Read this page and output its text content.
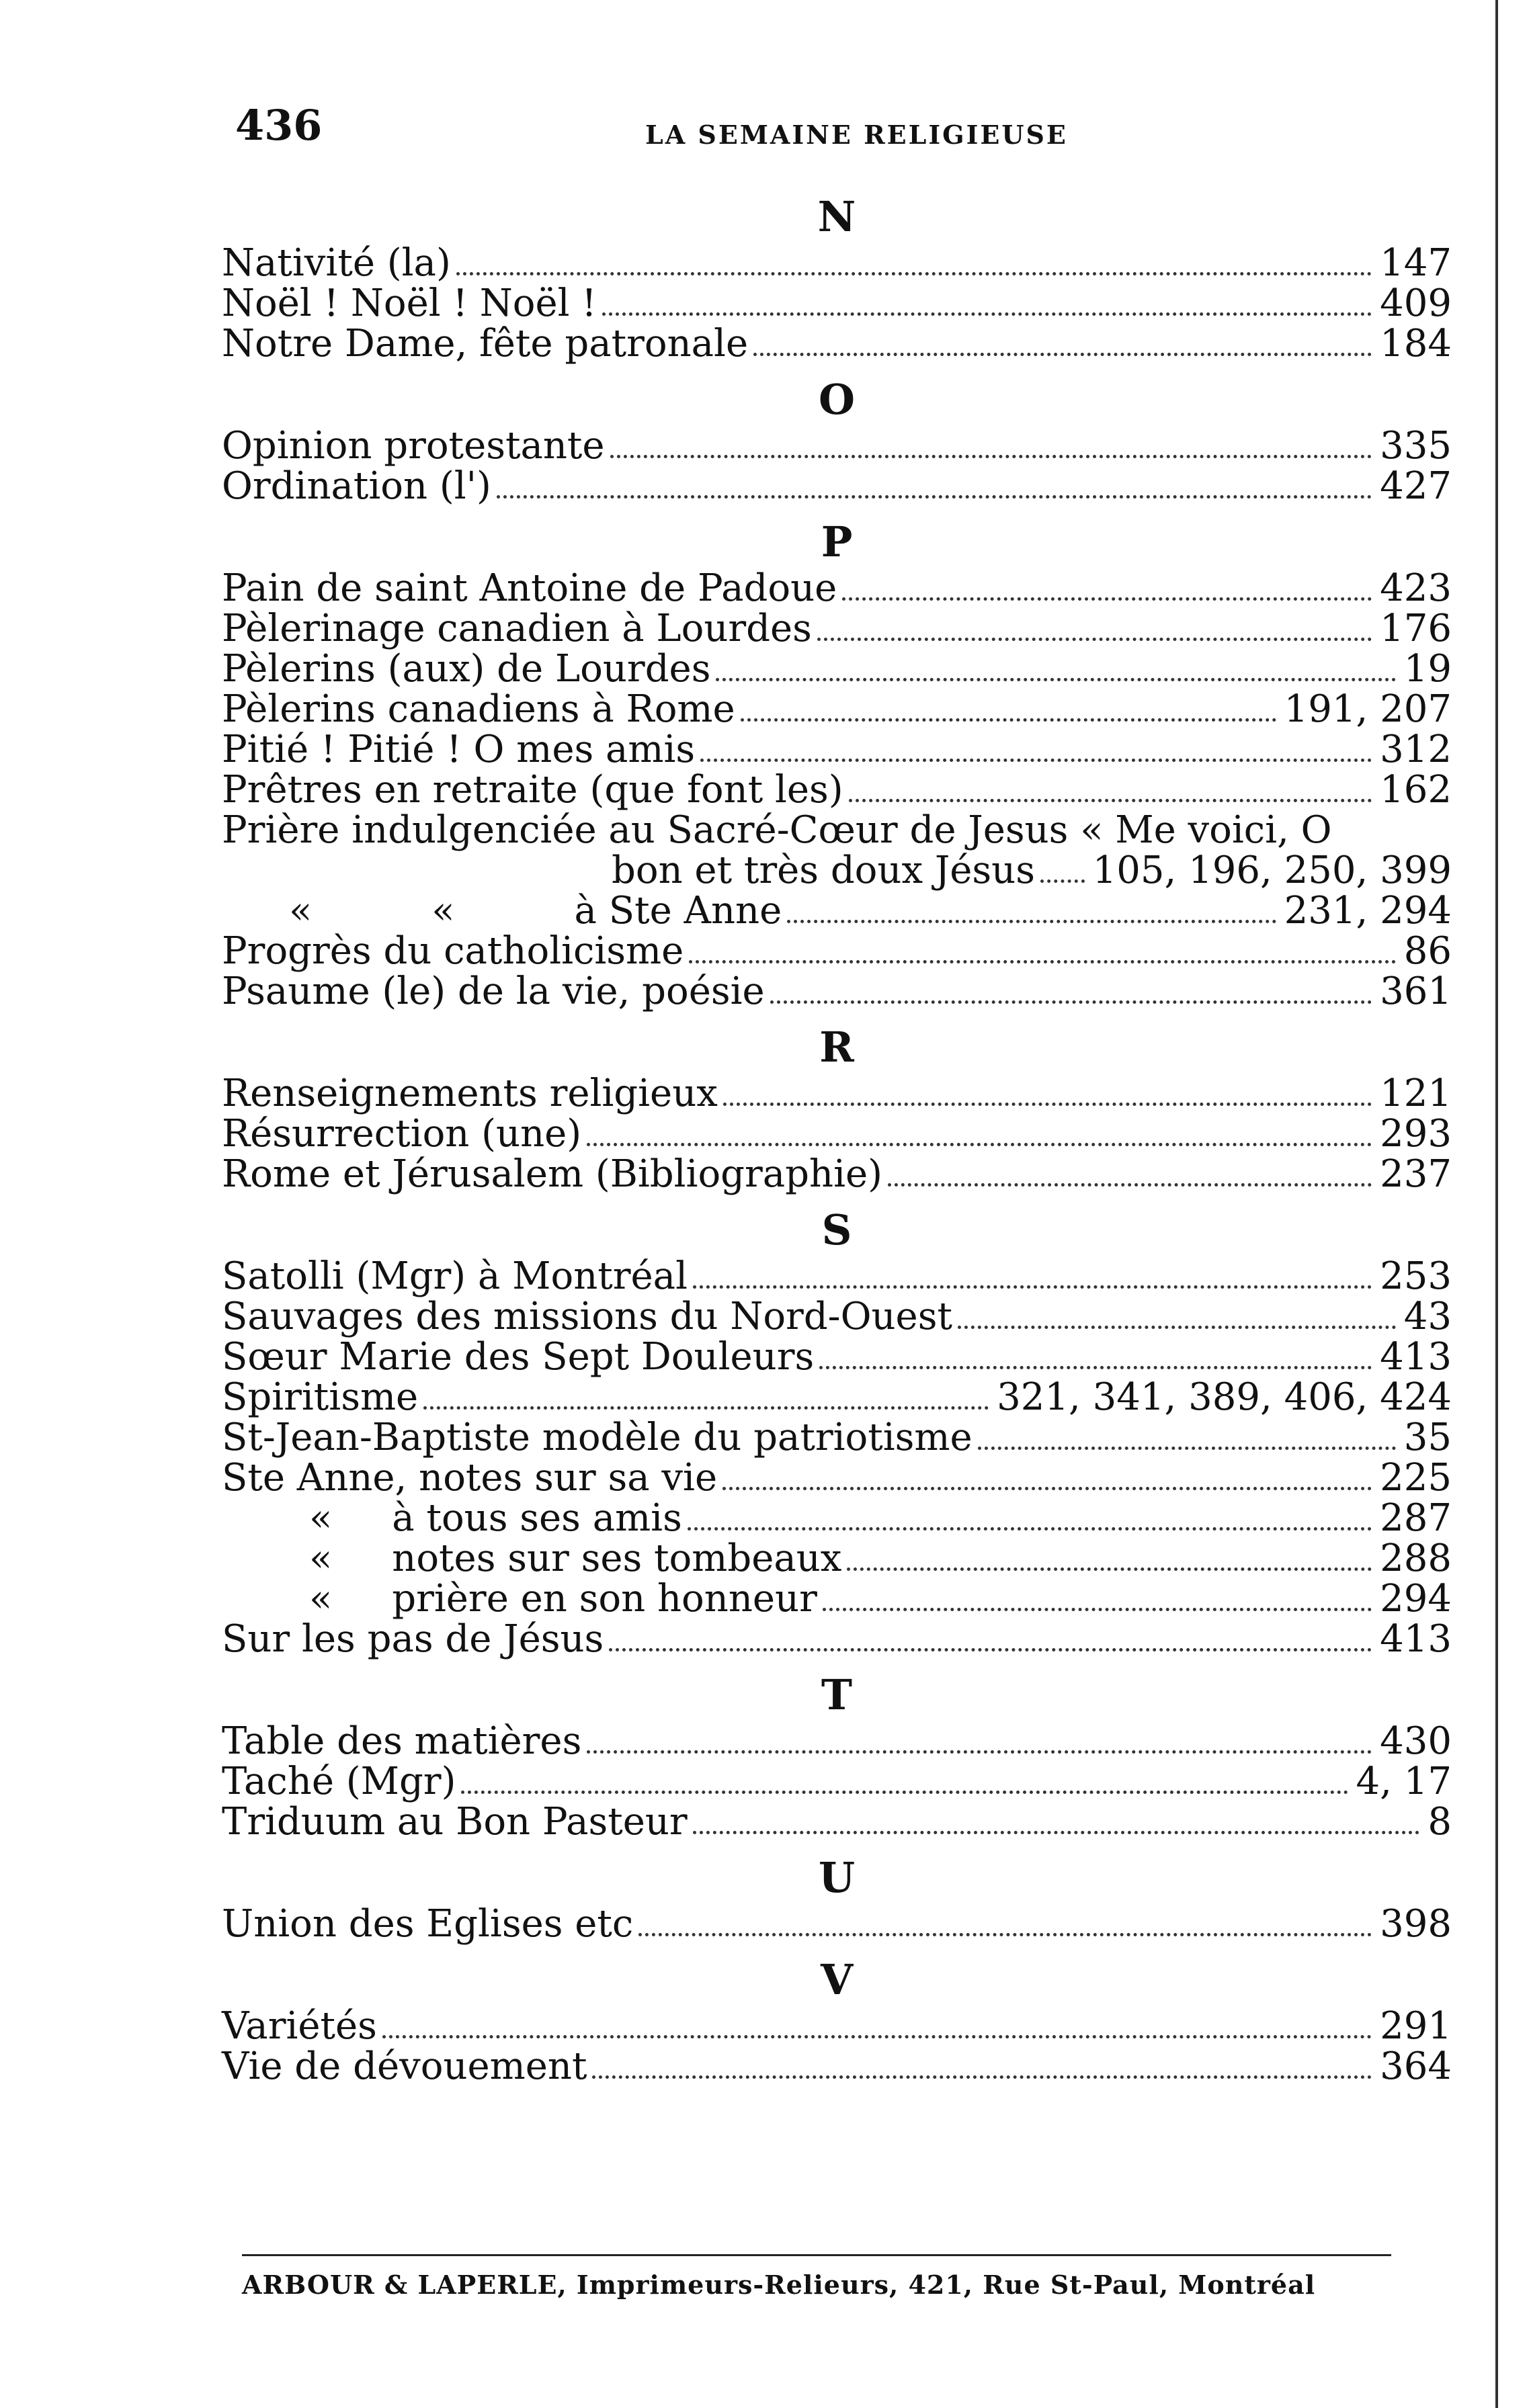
436	LA SEMAINE RELIGIEUSE
N
Nativité (la)	147
Noël ! Noël ! Noël !	409
Notre Dame, fête patronale	184
O
Opinion protestante	335
Ordination (l')	427
P
Pain de saint Antoine de Padoue	423
Pèlerinage canadien à Lourdes	176
Pèlerins (aux) de Lourdes	19
Pèlerins canadiens à Rome	191, 207
Pitié ! Pitié ! O mes amis	312
Prêtres en retraite (que font les)	162
Prière indulgenciée au Sacré-Cœur de Jesus « Me voici, O
bon et très doux Jésus 105, 196, 250, 399
«          «          à Ste Anne	231, 294
Progrès du catholicisme	86
Psaume (le) de la vie, poésie	361
R
Renseignements religieux	121
Résurrection (une)	293
Rome et Jérusalem (Bibliographie)	237
S
Satolli (Mgr) à Montréal	253
Sauvages des missions du Nord-Ouest	43
Sœur Marie des Sept Douleurs	413
Spiritisme	321, 341, 389, 406, 424
St-Jean-Baptiste modèle du patriotisme	35
Ste Anne, notes sur sa vie	225
«     à tous ses amis	287
«     notes sur ses tombeaux	288
«     prière en son honneur	294
Sur les pas de Jésus	413
T
Table des matières	430
Taché (Mgr)	4, 17
Triduum au Bon Pasteur	8
U
Union des Eglises etc	398
V
Variétés	291
Vie de dévouement	364
ARBOUR & LAPERLE, Imprimeurs-Relieurs, 421, Rue St-Paul, Montréal
